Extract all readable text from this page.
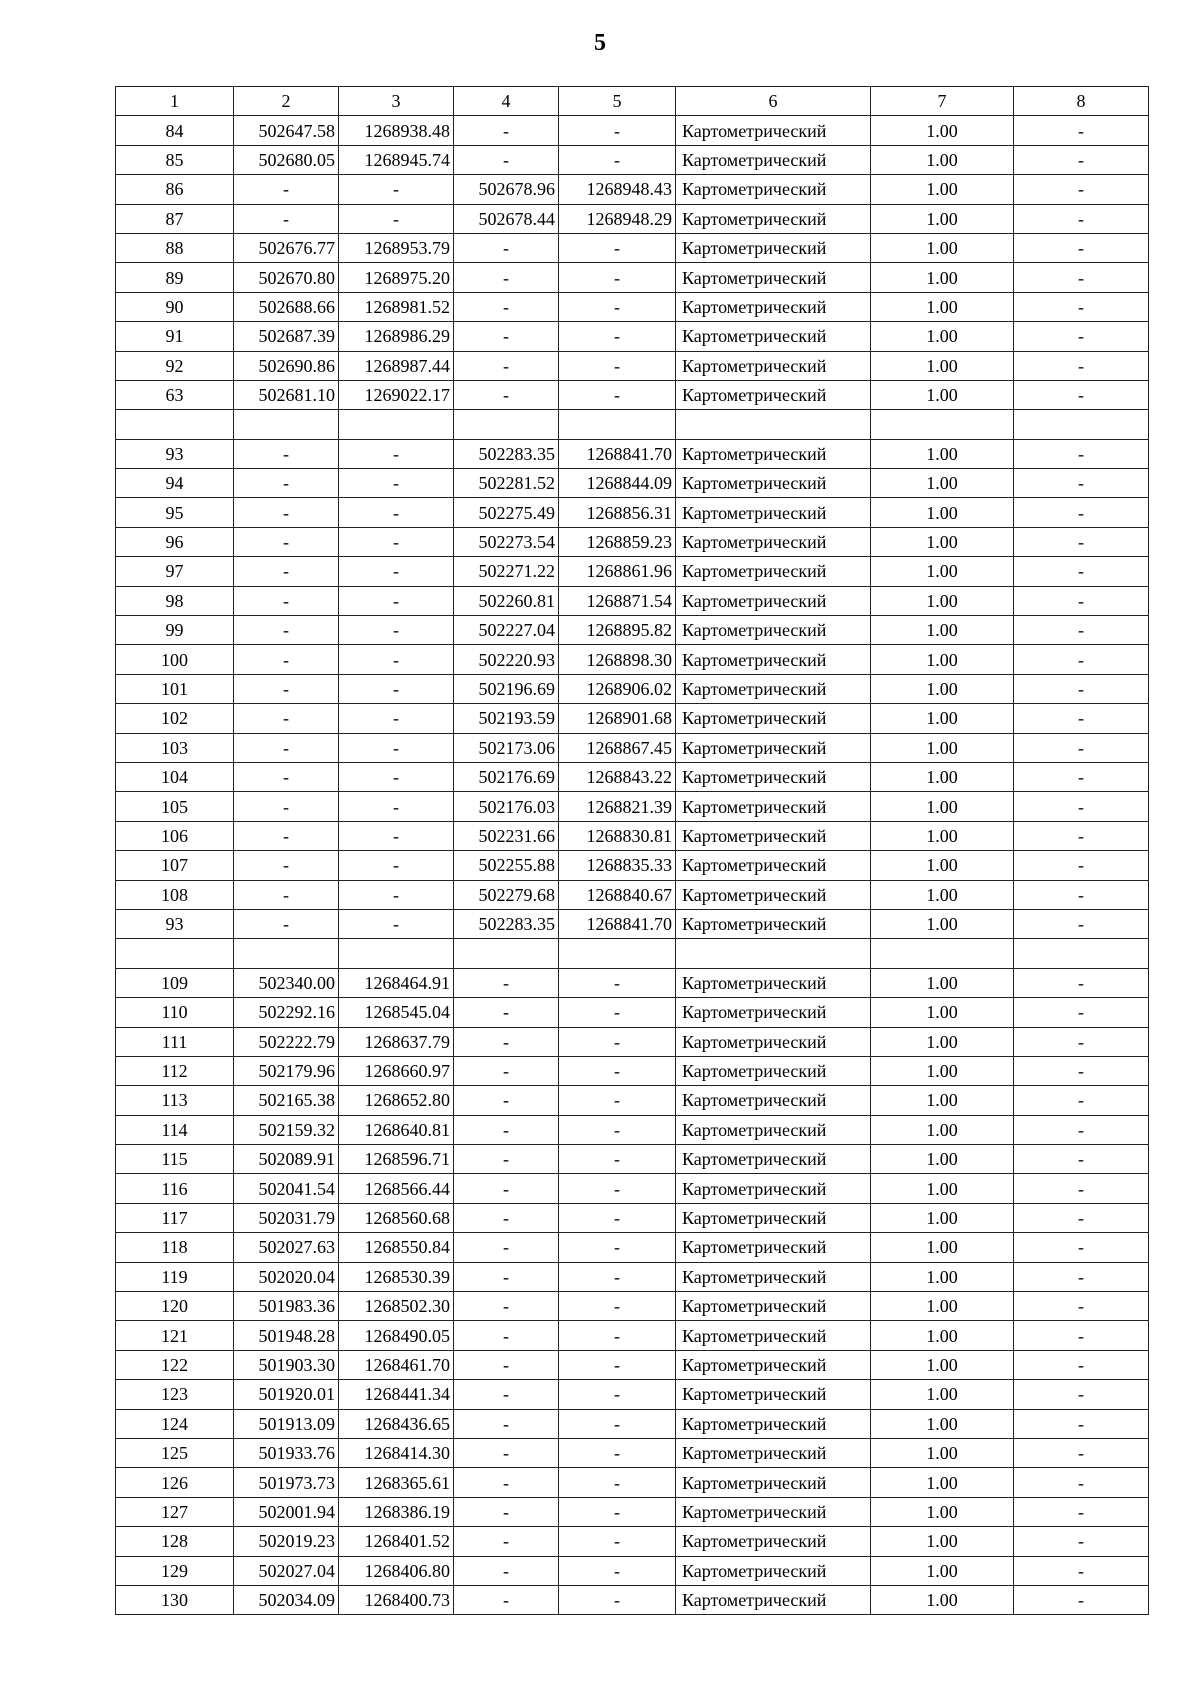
5
1	2	3	4	5	6	7	8
84	502647.58	1268938.48	-	-	Картометрический	1.00	-
85	502680.05	1268945.74	-	-	Картометрический	1.00	-
86	-	-	502678.96	1268948.43	Картометрический	1.00	-
87	-	-	502678.44	1268948.29	Картометрический	1.00	-
88	502676.77	1268953.79	-	-	Картометрический	1.00	-
89	502670.80	1268975.20	-	-	Картометрический	1.00	-
90	502688.66	1268981.52	-	-	Картометрический	1.00	-
91	502687.39	1268986.29	-	-	Картометрический	1.00	-
92	502690.86	1268987.44	-	-	Картометрический	1.00	-
63	502681.10	1269022.17	-	-	Картометрический	1.00	-

93	-	-	502283.35	1268841.70	Картометрический	1.00	-
94	-	-	502281.52	1268844.09	Картометрический	1.00	-
95	-	-	502275.49	1268856.31	Картометрический	1.00	-
96	-	-	502273.54	1268859.23	Картометрический	1.00	-
97	-	-	502271.22	1268861.96	Картометрический	1.00	-
98	-	-	502260.81	1268871.54	Картометрический	1.00	-
99	-	-	502227.04	1268895.82	Картометрический	1.00	-
100	-	-	502220.93	1268898.30	Картометрический	1.00	-
101	-	-	502196.69	1268906.02	Картометрический	1.00	-
102	-	-	502193.59	1268901.68	Картометрический	1.00	-
103	-	-	502173.06	1268867.45	Картометрический	1.00	-
104	-	-	502176.69	1268843.22	Картометрический	1.00	-
105	-	-	502176.03	1268821.39	Картометрический	1.00	-
106	-	-	502231.66	1268830.81	Картометрический	1.00	-
107	-	-	502255.88	1268835.33	Картометрический	1.00	-
108	-	-	502279.68	1268840.67	Картометрический	1.00	-
93	-	-	502283.35	1268841.70	Картометрический	1.00	-

109	502340.00	1268464.91	-	-	Картометрический	1.00	-
110	502292.16	1268545.04	-	-	Картометрический	1.00	-
111	502222.79	1268637.79	-	-	Картометрический	1.00	-
112	502179.96	1268660.97	-	-	Картометрический	1.00	-
113	502165.38	1268652.80	-	-	Картометрический	1.00	-
114	502159.32	1268640.81	-	-	Картометрический	1.00	-
115	502089.91	1268596.71	-	-	Картометрический	1.00	-
116	502041.54	1268566.44	-	-	Картометрический	1.00	-
117	502031.79	1268560.68	-	-	Картометрический	1.00	-
118	502027.63	1268550.84	-	-	Картометрический	1.00	-
119	502020.04	1268530.39	-	-	Картометрический	1.00	-
120	501983.36	1268502.30	-	-	Картометрический	1.00	-
121	501948.28	1268490.05	-	-	Картометрический	1.00	-
122	501903.30	1268461.70	-	-	Картометрический	1.00	-
123	501920.01	1268441.34	-	-	Картометрический	1.00	-
124	501913.09	1268436.65	-	-	Картометрический	1.00	-
125	501933.76	1268414.30	-	-	Картометрический	1.00	-
126	501973.73	1268365.61	-	-	Картометрический	1.00	-
127	502001.94	1268386.19	-	-	Картометрический	1.00	-
128	502019.23	1268401.52	-	-	Картометрический	1.00	-
129	502027.04	1268406.80	-	-	Картометрический	1.00	-
130	502034.09	1268400.73	-	-	Картометрический	1.00	-
